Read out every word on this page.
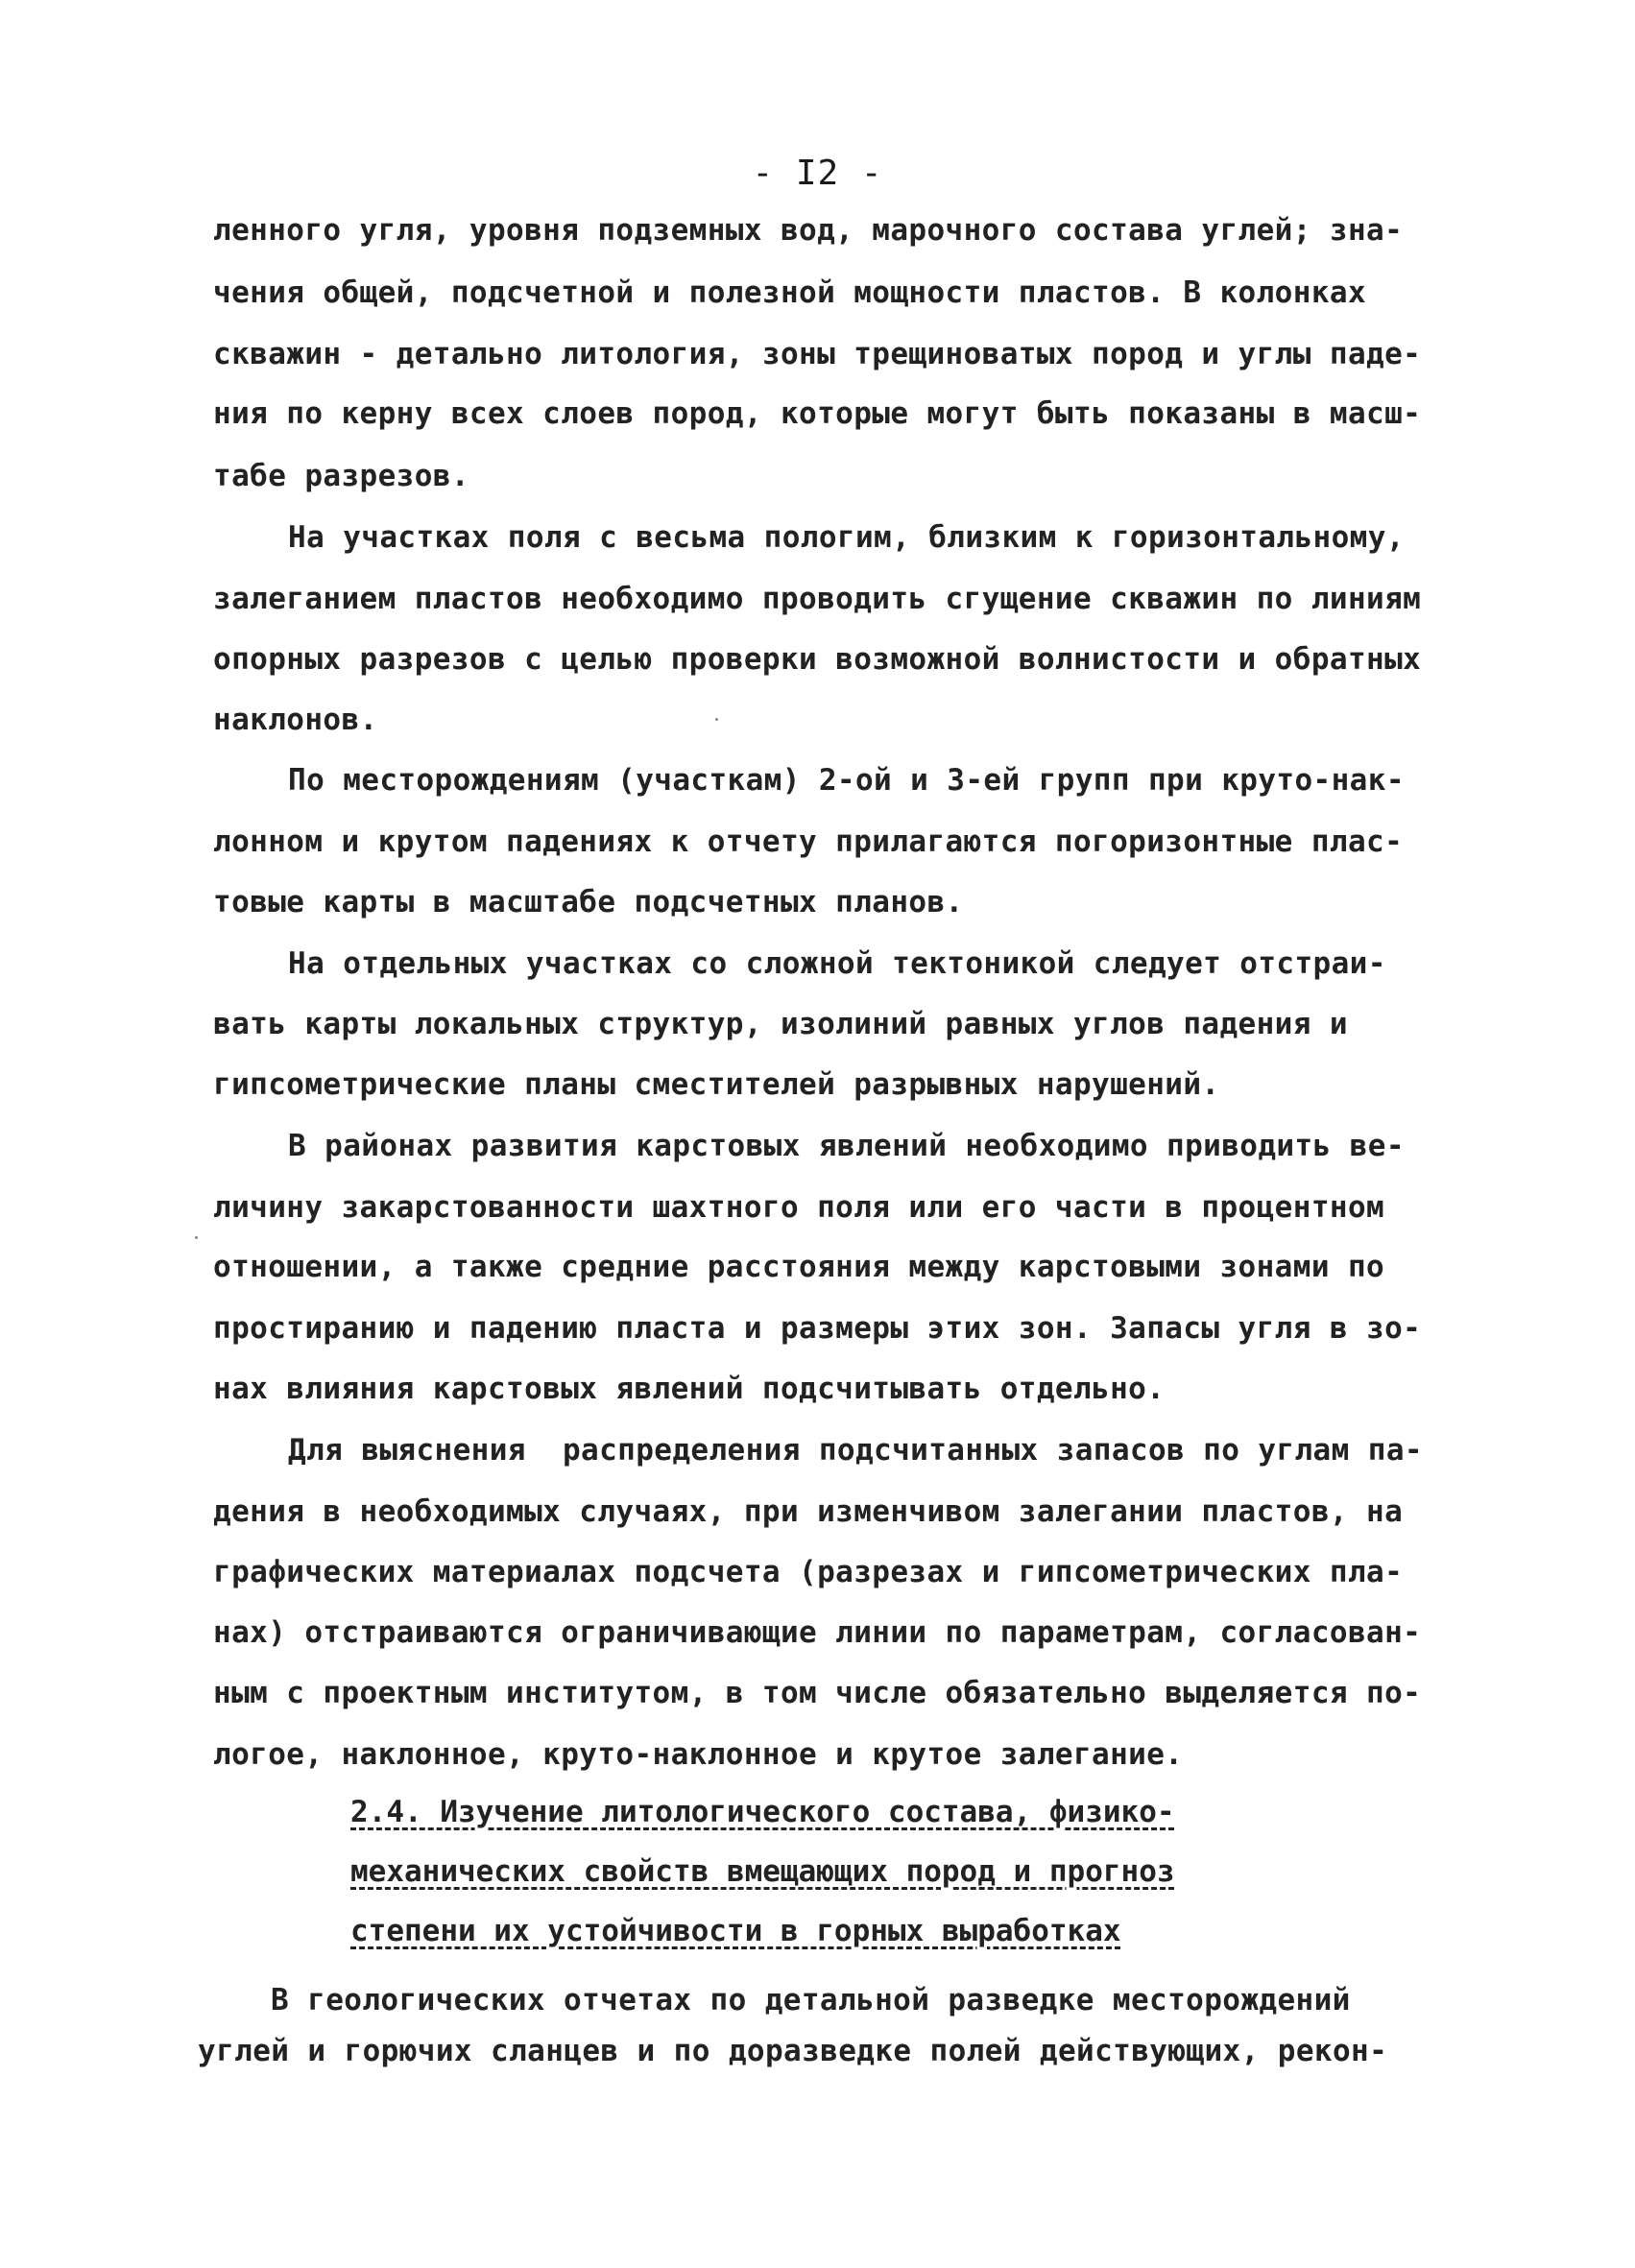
- I2 -
ленного угля, уровня подземных вод, марочного состава углей; зна-
чения общей, подсчетной и полезной мощности пластов. В колонках
скважин - детально литология, зоны трещиноватых пород и углы паде-
ния по керну всех слоев пород, которые могут быть показаны в масш-
табе разрезов.
На участках поля с весьма пологим, близким к горизонтальному,
залеганием пластов необходимо проводить сгущение скважин по линиям
опорных разрезов с целью проверки возможной волнистости и обратных
наклонов.
По месторождениям (участкам) 2-ой и 3-ей групп при круто-нак-
лонном и крутом падениях к отчету прилагаются погоризонтные плас-
товые карты в масштабе подсчетных планов.
На отдельных участках со сложной тектоникой следует отстраи-
вать карты локальных структур, изолиний равных углов падения и
гипсометрические планы сместителей разрывных нарушений.
В районах развития карстовых явлений необходимо приводить ве-
личину закарстованности шахтного поля или его части в процентном
отношении, а также средние расстояния между карстовыми зонами по
простиранию и падению пласта и размеры этих зон. Запасы угля в зо-
нах влияния карстовых явлений подсчитывать отдельно.
Для выяснения  распределения подсчитанных запасов по углам па-
дения в необходимых случаях, при изменчивом залегании пластов, на
графических материалах подсчета (разрезах и гипсометрических пла-
нах) отстраиваются ограничивающие линии по параметрам, согласован-
ным с проектным институтом, в том числе обязательно выделяется по-
логое, наклонное, круто-наклонное и крутое залегание.
2.4. Изучение литологического состава, физико-
механических свойств вмещающих пород и прогноз
степени их устойчивости в горных выработках
В геологических отчетах по детальной разведке месторождений
углей и горючих сланцев и по доразведке полей действующих, рекон-
